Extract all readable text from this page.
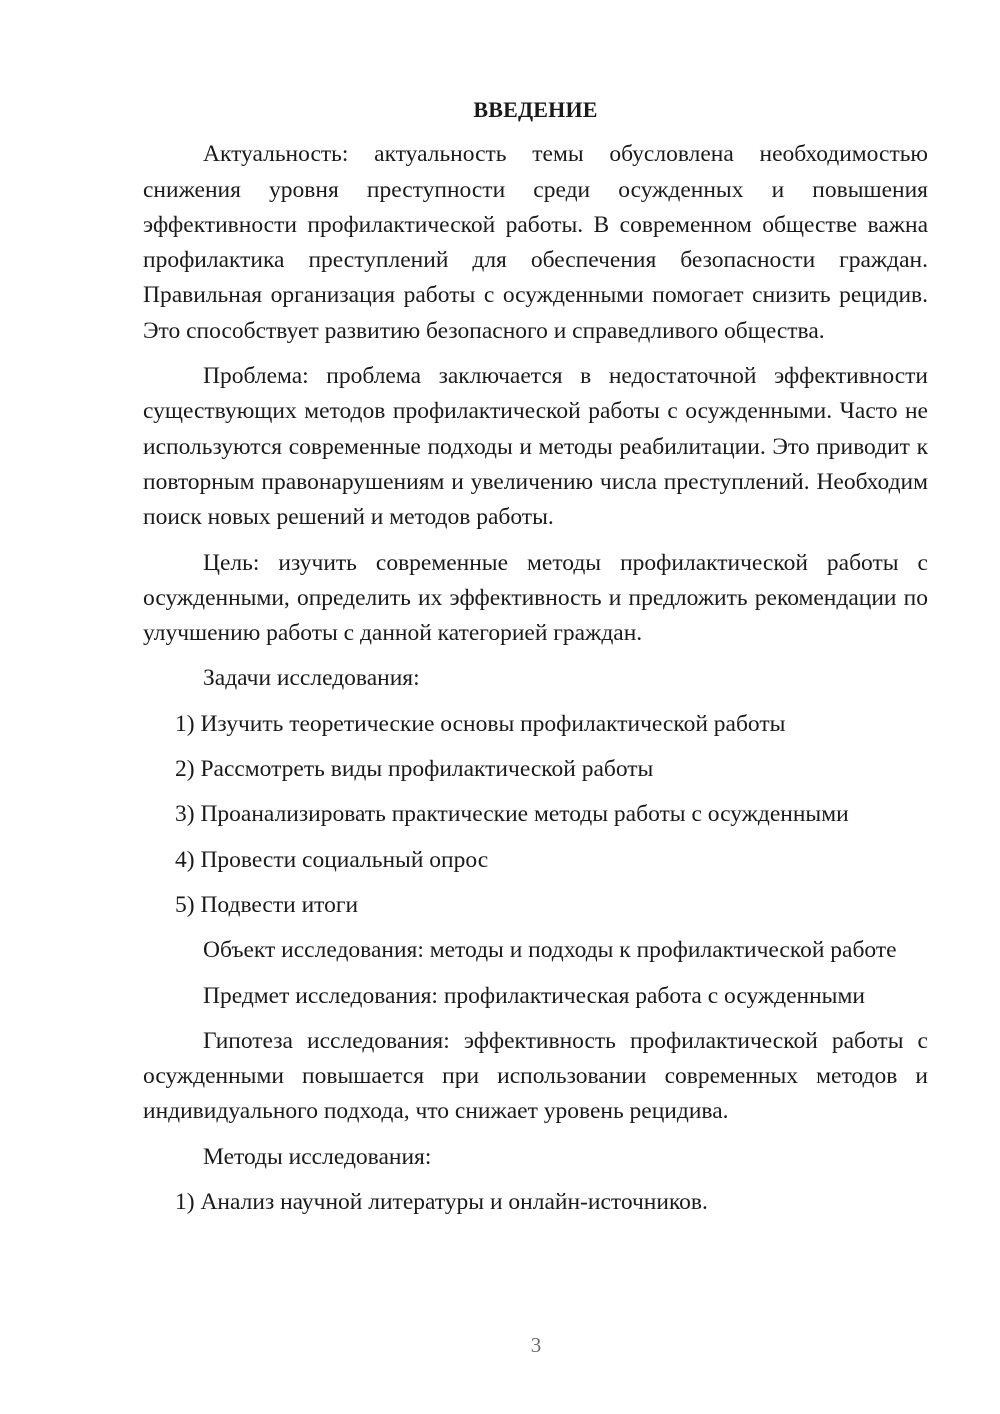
ВВЕДЕНИЕ

Актуальность: актуальность темы обусловлена необходимостью снижения уровня преступности среди осужденных и повышения эффективности профилактической работы. В современном обществе важна профилактика преступлений для обеспечения безопасности граждан. Правильная организация работы с осужденными помогает снизить рецидив. Это способствует развитию безопасного и справедливого общества.

Проблема: проблема заключается в недостаточной эффективности существующих методов профилактической работы с осужденными. Часто не используются современные подходы и методы реабилитации. Это приводит к повторным правонарушениям и увеличению числа преступлений. Необходим поиск новых решений и методов работы.

Цель: изучить современные методы профилактической работы с осужденными, определить их эффективность и предложить рекомендации по улучшению работы с данной категорией граждан.

Задачи исследования:

1) Изучить теоретические основы профилактической работы

2) Рассмотреть виды профилактической работы

3) Проанализировать практические методы работы с осужденными

4) Провести социальный опрос

5) Подвести итоги

Объект исследования: методы и подходы к профилактической работе

Предмет исследования: профилактическая работа с осужденными

Гипотеза исследования: эффективность профилактической работы с осужденными повышается при использовании современных методов и индивидуального подхода, что снижает уровень рецидива.

Методы исследования:

1) Анализ научной литературы и онлайн-источников.

3
